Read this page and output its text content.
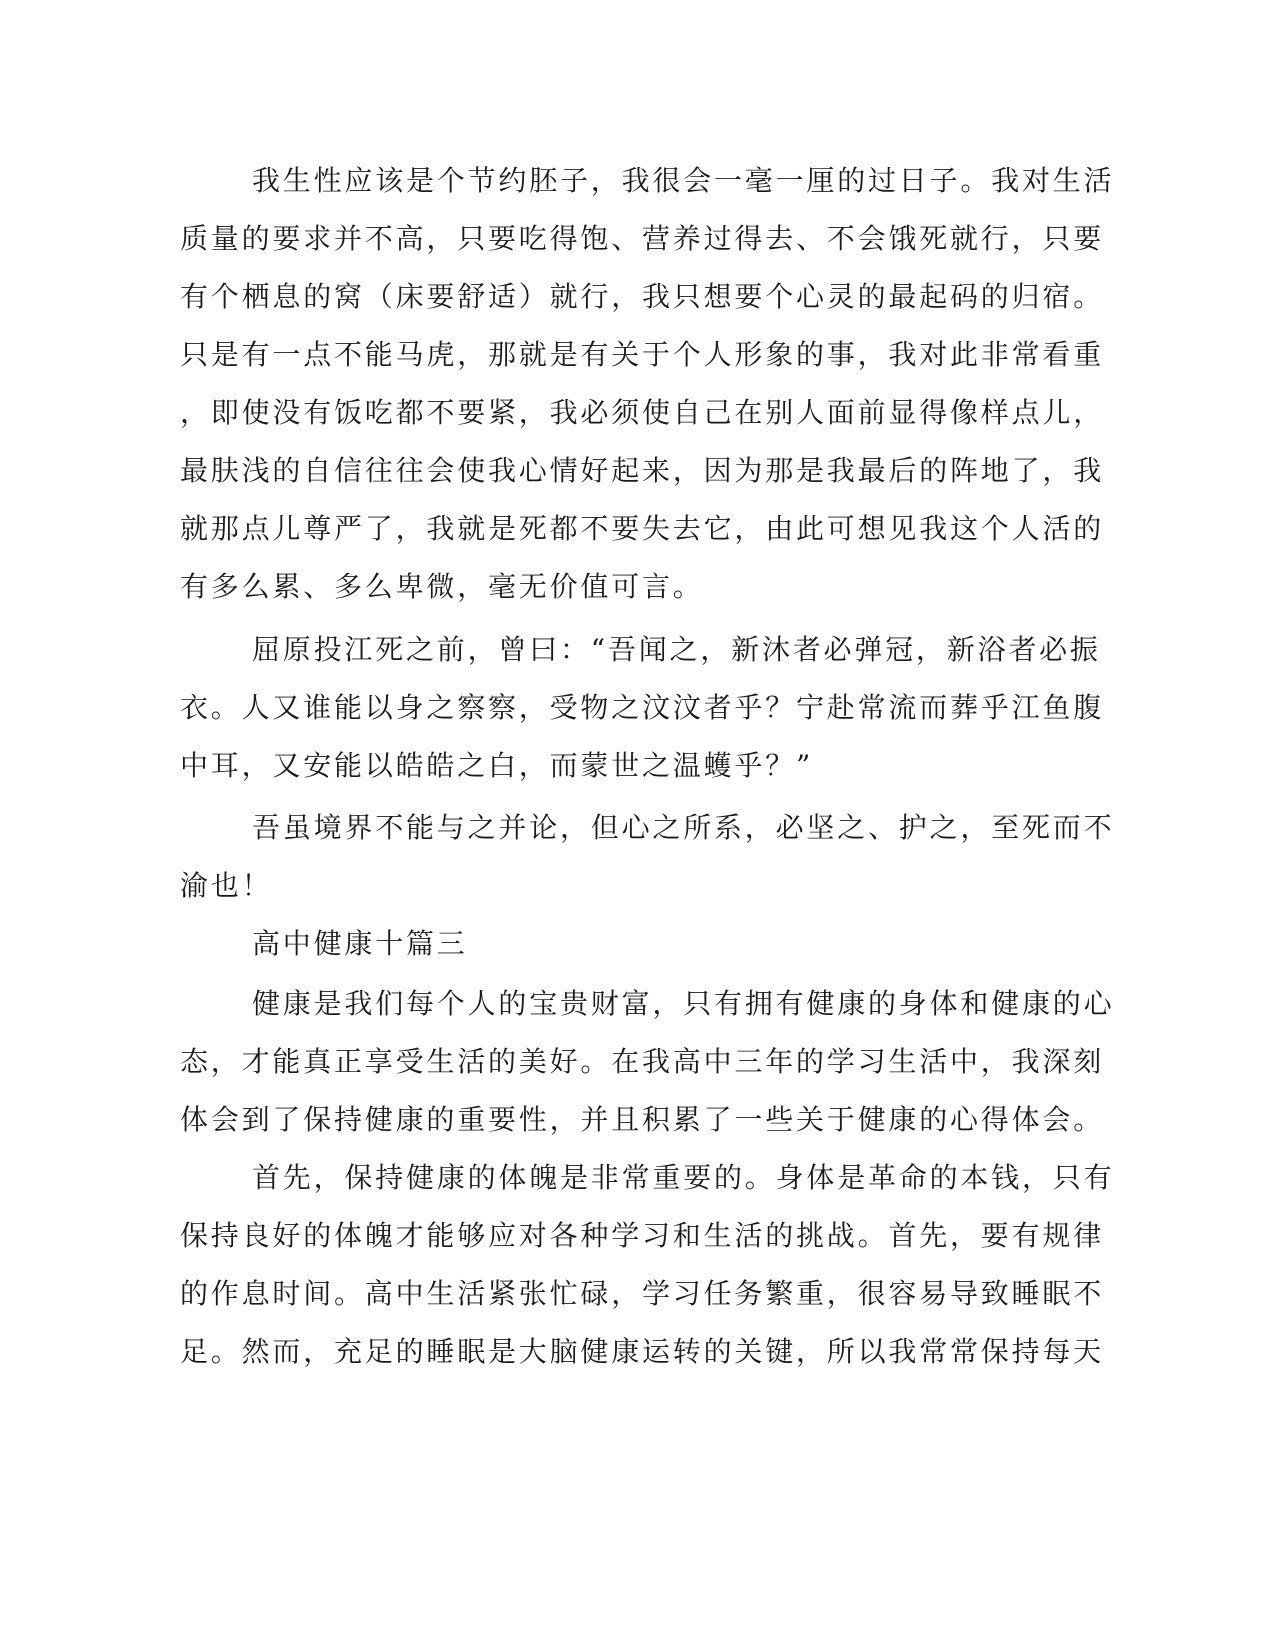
我生性应该是个节约胚子，我很会一毫一厘的过日子。我对生活
质量的要求并不高，只要吃得饱、营养过得去、不会饿死就行，只要
有个栖息的窝（床要舒适）就行，我只想要个心灵的最起码的归宿。
只是有一点不能马虎，那就是有关于个人形象的事，我对此非常看重
，即使没有饭吃都不要紧，我必须使自己在别人面前显得像样点儿，
最肤浅的自信往往会使我心情好起来，因为那是我最后的阵地了，我
就那点儿尊严了，我就是死都不要失去它，由此可想见我这个人活的
有多么累、多么卑微，毫无价值可言。
屈原投江死之前，曾曰：“吾闻之，新沐者必弹冠，新浴者必振
衣。人又谁能以身之察察，受物之汶汶者乎？宁赴常流而葬乎江鱼腹
中耳，又安能以皓皓之白，而蒙世之温蠖乎？”
吾虽境界不能与之并论，但心之所系，必坚之、护之，至死而不
渝也！
高中健康十篇三
健康是我们每个人的宝贵财富，只有拥有健康的身体和健康的心
态，才能真正享受生活的美好。在我高中三年的学习生活中，我深刻
体会到了保持健康的重要性，并且积累了一些关于健康的心得体会。
首先，保持健康的体魄是非常重要的。身体是革命的本钱，只有
保持良好的体魄才能够应对各种学习和生活的挑战。首先，要有规律
的作息时间。高中生活紧张忙碌，学习任务繁重，很容易导致睡眠不
足。然而，充足的睡眠是大脑健康运转的关键，所以我常常保持每天
